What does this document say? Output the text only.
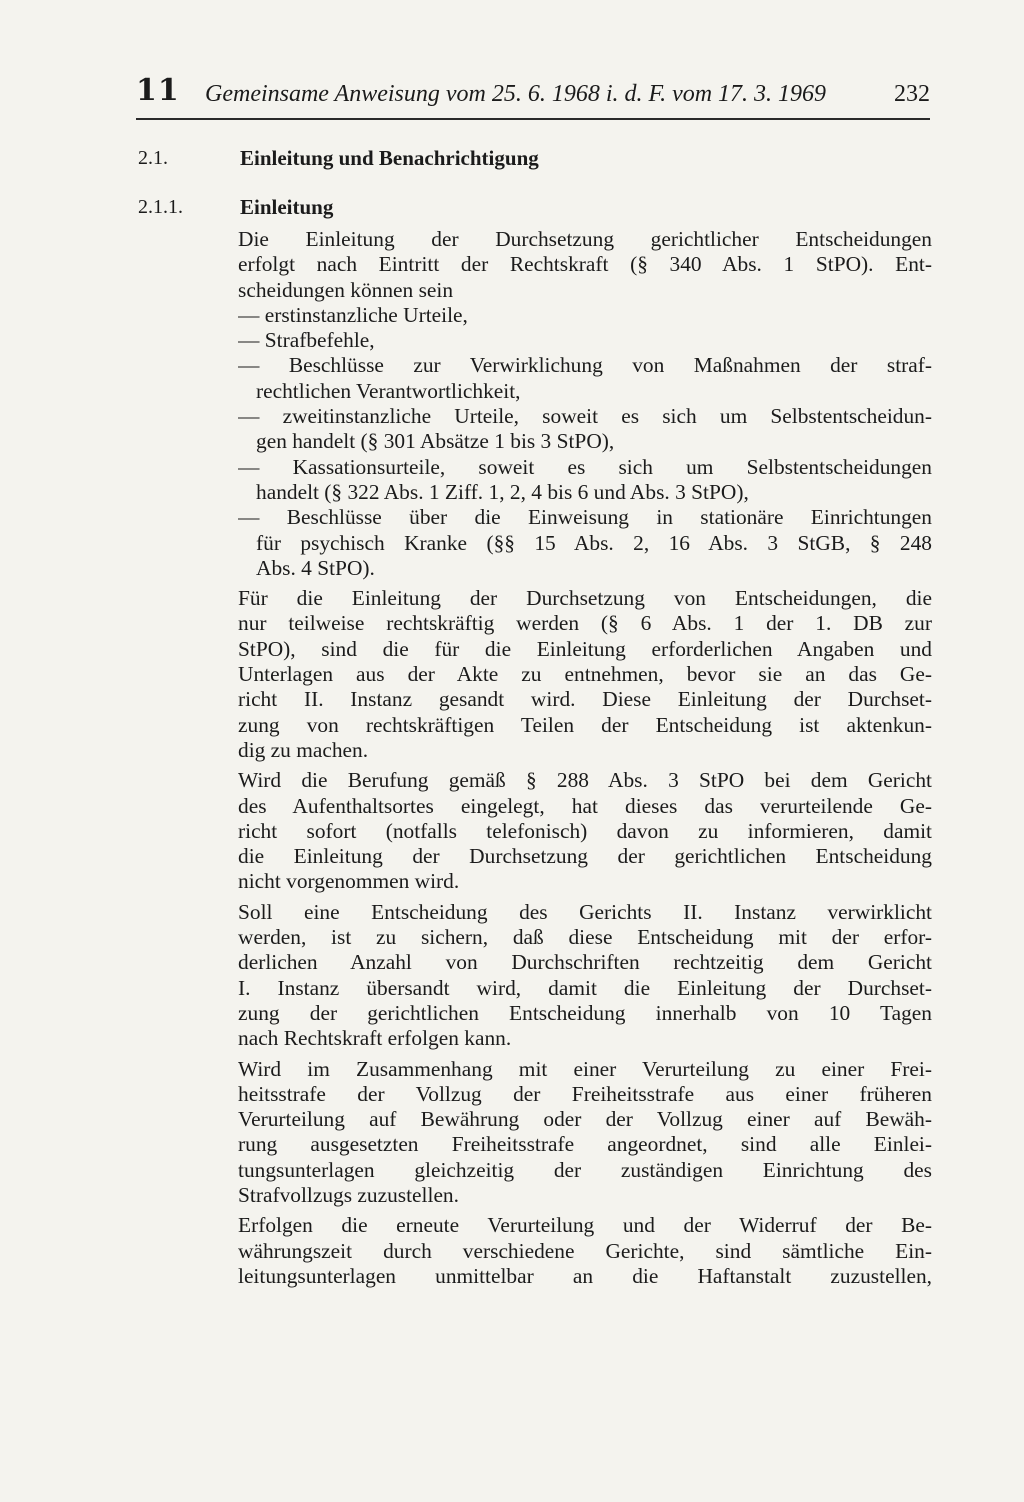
11 Gemeinsame Anweisung vom 25. 6. 1968 i. d. F. vom 17. 3. 1969	232
2.1.	Einleitung und Benachrichtigung
2.1.1.	Einleitung
Die Einleitung der Durchsetzung gerichtlicher Entscheidungen
erfolgt nach Eintritt der Rechtskraft (§ 340 Abs. 1 StPO). Ent-
scheidungen können sein
— erstinstanzliche Urteile,
— Strafbefehle,
— Beschlüsse zur Verwirklichung von Maßnahmen der straf-
rechtlichen Verantwortlichkeit,
— zweitinstanzliche Urteile, soweit es sich um Selbstentscheidun-
gen handelt (§ 301 Absätze 1 bis 3 StPO),
— Kassationsurteile, soweit es sich um Selbstentscheidungen
handelt (§ 322 Abs. 1 Ziff. 1, 2, 4 bis 6 und Abs. 3 StPO),
— Beschlüsse über die Einweisung in stationäre Einrichtungen
für psychisch Kranke (§§ 15 Abs. 2, 16 Abs. 3 StGB, § 248
Abs. 4 StPO).
Für die Einleitung der Durchsetzung von Entscheidungen, die
nur teilweise rechtskräftig werden (§ 6 Abs. 1 der 1. DB zur
StPO), sind die für die Einleitung erforderlichen Angaben und
Unterlagen aus der Akte zu entnehmen, bevor sie an das Ge-
richt II. Instanz gesandt wird. Diese Einleitung der Durchset-
zung von rechtskräftigen Teilen der Entscheidung ist aktenkun-
dig zu machen.
Wird die Berufung gemäß § 288 Abs. 3 StPO bei dem Gericht
des Aufenthaltsortes eingelegt, hat dieses das verurteilende Ge-
richt sofort (notfalls telefonisch) davon zu informieren, damit
die Einleitung der Durchsetzung der gerichtlichen Entscheidung
nicht vorgenommen wird.
Soll eine Entscheidung des Gerichts II. Instanz verwirklicht
werden, ist zu sichern, daß diese Entscheidung mit der erfor-
derlichen Anzahl von Durchschriften rechtzeitig dem Gericht
I. Instanz übersandt wird, damit die Einleitung der Durchset-
zung der gerichtlichen Entscheidung innerhalb von 10 Tagen
nach Rechtskraft erfolgen kann.
Wird im Zusammenhang mit einer Verurteilung zu einer Frei-
heitsstrafe der Vollzug der Freiheitsstrafe aus einer früheren
Verurteilung auf Bewährung oder der Vollzug einer auf Bewäh-
rung ausgesetzten Freiheitsstrafe angeordnet, sind alle Einlei-
tungsunterlagen gleichzeitig der zuständigen Einrichtung des
Strafvollzugs zuzustellen.
Erfolgen die erneute Verurteilung und der Widerruf der Be-
währungszeit durch verschiedene Gerichte, sind sämtliche Ein-
leitungsunterlagen unmittelbar an die Haftanstalt zuzustellen,
